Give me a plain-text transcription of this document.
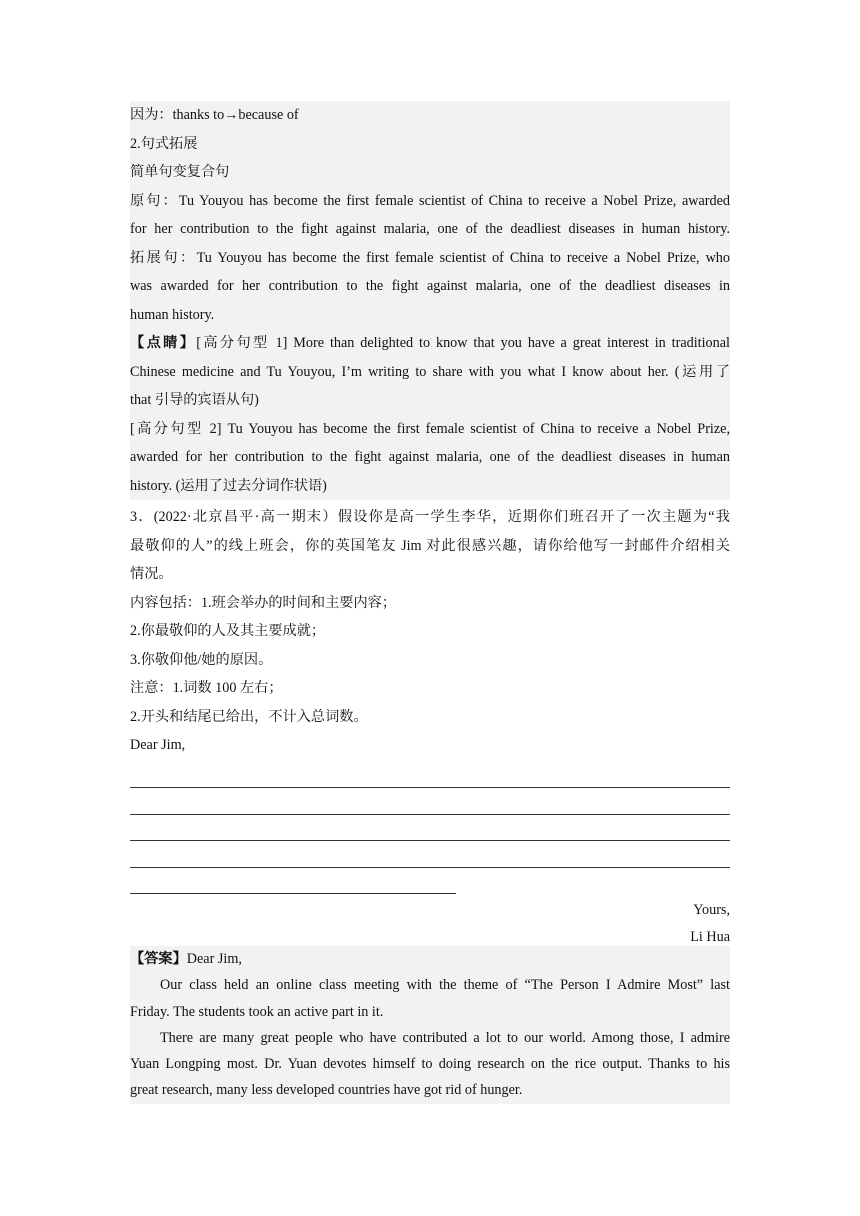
因为：thanks to→because of
2.句式拓展
简单句变复合句
原句：Tu Youyou has become the first female scientist of China to receive a Nobel Prize, awarded
for her contribution to the fight against malaria, one of the deadliest diseases in human history.
拓展句：Tu Youyou has become the first female scientist of China to receive a Nobel Prize, who
was awarded for her contribution to the fight against malaria, one of the deadliest diseases in
human history.
【点睛】[高分句型 1] More than delighted to know that you have a great interest in traditional
Chinese medicine and Tu Youyou, I’m writing to share with you what I know about her. (运用了
that 引导的宾语从句)
[高分句型 2] Tu Youyou has become the first female scientist of China to receive a Nobel Prize,
awarded for her contribution to the fight against malaria, one of the deadliest diseases in human
history. (运用了过去分词作状语)
3．(2022·北京昌平·高一期末）假设你是高一学生李华，近期你们班召开了一次主题为“我
最敬仰的人”的线上班会，你的英国笔友 Jim 对此很感兴趣，请你给他写一封邮件介绍相关
情况。
内容包括：1.班会举办的时间和主要内容；
2.你最敬仰的人及其主要成就；
3.你敬仰他/她的原因。
注意：1.词数 100 左右；
2.开头和结尾已给出，不计入总词数。
Dear Jim,
Yours,
Li Hua
【答案】Dear Jim,
Our class held an online class meeting with the theme of “The Person I Admire Most” last
Friday. The students took an active part in it.
There are many great people who have contributed a lot to our world. Among those, I admire
Yuan Longping most. Dr. Yuan devotes himself to doing research on the rice output. Thanks to his
great research, many less developed countries have got rid of hunger.
